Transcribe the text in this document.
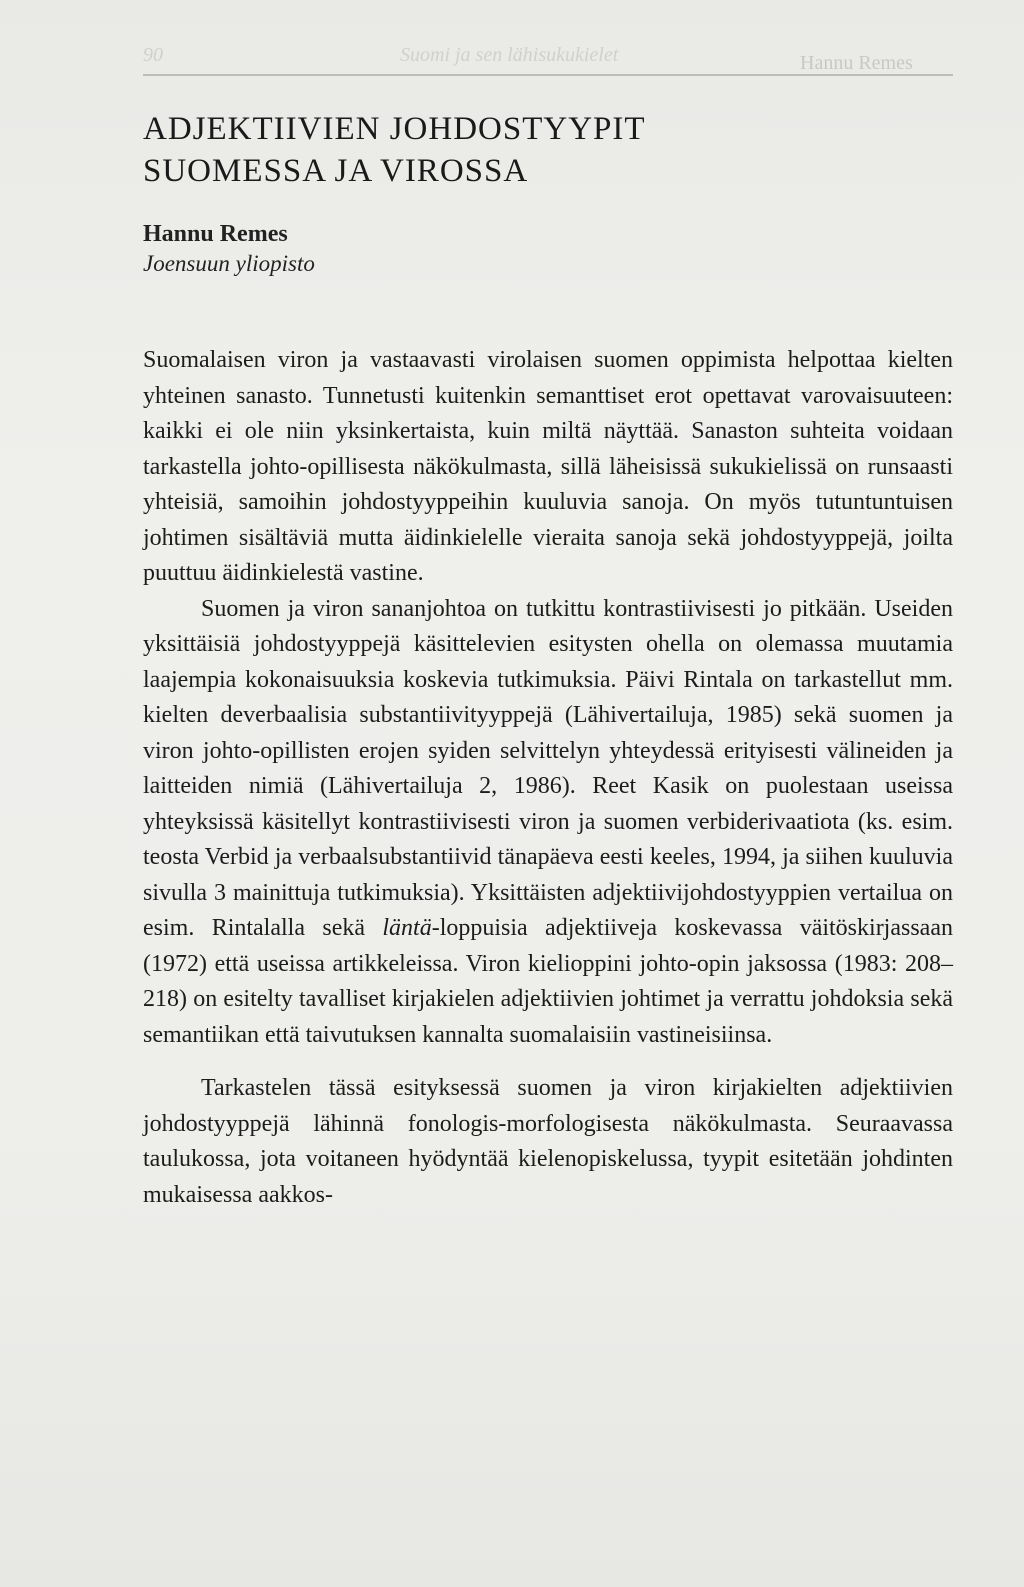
90	Suomi ja sen lähisukukielet	Hannu Remes
ADJEKTIIVIEN JOHDOSTYYPIT
SUOMESSA JA VIROSSA
Hannu Remes
Joensuun yliopisto

Suomalaisen viron ja vastaavasti virolaisen suomen oppimista helpottaa kielten yhteinen sanasto. Tunnetusti kuitenkin semanttiset erot opettavat varovaisuuteen: kaikki ei ole niin yksinkertaista, kuin miltä näyttää. Sanaston suhteita voidaan tarkastella johto-opillisesta näkökulmasta, sillä läheisissä sukukielissä on runsaasti yhteisiä, samoihin johdostyyppeihin kuuluvia sanoja. On myös tutuntuntuisen johtimen sisältäviä mutta äidinkielelle vieraita sanoja sekä johdostyyppejä, joilta puuttuu äidinkielestä vastine.

Suomen ja viron sananjohtoa on tutkittu kontrastiivisesti jo pitkään. Useiden yksittäisiä johdostyyppejä käsittelevien esitysten ohella on olemassa muutamia laajempia kokonaisuuksia koskevia tutkimuksia. Päivi Rintala on tarkastellut mm. kielten deverbaalisia substantiivityyppejä (Lähivertailuja, 1985) sekä suomen ja viron johto-opillisten erojen syiden selvittelyn yhteydessä erityisesti välineiden ja laitteiden nimiä (Lähivertailuja 2, 1986). Reet Kasik on puolestaan useissa yhteyksissä käsitellyt kontrastiivisesti viron ja suomen verbiderivaatiota (ks. esim. teosta Verbid ja verbaalsubstantiivid tänapäeva eesti keeles, 1994, ja siihen kuuluvia sivulla 3 mainittuja tutkimuksia). Yksittäisten adjektiivijohdostyyppien vertailua on esim. Rintalalla sekä läntä-loppuisia adjektiiveja koskevassa väitöskirjassaan (1972) että useissa artikkeleissa. Viron kielioppini johto-opin jaksossa (1983: 208–218) on esitelty tavalliset kirjakielen adjektiivien johtimet ja verrattu johdoksia sekä semantiikan että taivutuksen kannalta suomalaisiin vastineisiinsa.

Tarkastelen tässä esityksessä suomen ja viron kirjakielten adjektiivien johdostyyppejä lähinnä fonologis-morfologisesta näkökulmasta. Seuraavassa taulukossa, jota voitaneen hyödyntää kielenopiskelussa, tyypit esitetään johdinten mukaisessa aakkos-
